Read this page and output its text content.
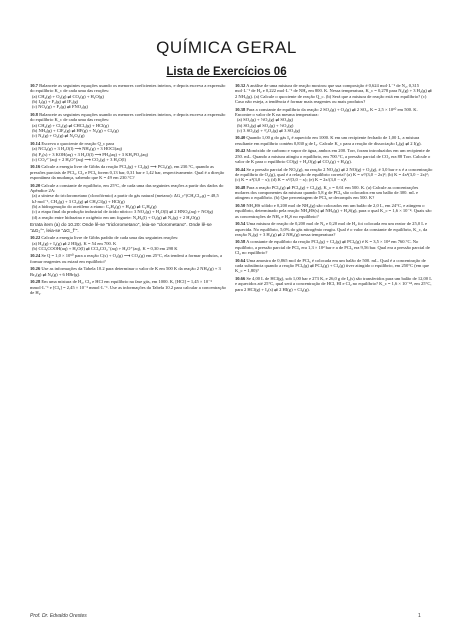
QUÍMICA GERAL
Lista de Exercícios 06

10.7 Balanceie as seguintes equações usando os menores coeficientes inteiros, e depois escreva a expressão do equilíbrio K_c de cada uma das reações:

(a) CH₄(g) + O₂(g) ⇌ CO₂(g) + H₂O(g)

(b) I₂(g) + F₂(g) ⇌ IF₅(g)

(c) NO₂(g) + F₂(g) ⇌ FNO₂(g)

10.8 Balanceie as seguintes equações usando os menores coeficientes inteiros, e depois escreva a expressão do equilíbrio K_c de cada uma das reações:

(a) CH₄(g) + Cl₂(g) ⇌ CHCl₃(g) + HCl(g)

(b) NH₃(g) + ClF₃(g) ⇌ HF(g) + N₂(g) + Cl₂(g)

(c) N₂(g) + O₂(g) ⇌ N₂O₅(g)

10.14 Escreva o quociente de reação Q_c para

(a) NCl₃(g) + 3 H₂O(l) ⟶ NH₃(g) + 3 HOCl(aq)

(b) P₄(s) + 3 KOH(aq) + 3 H₂O(l) ⟶ PH₃(aq) + 3 KH₂PO₂(aq)

(c) CO₃²⁻(aq) + 2 H₃O⁺(aq) ⟶ CO₂(g) + 3 H₂O(l)

10.16 Calcule a energia livre de Gibbs da reação PCl₃(g) + Cl₂(g) ⟶ PCl₅(g), em 230.°C, quando as pressões parciais de PCl₃, Cl₂ e PCl₅ forem 0,13 bar, 0,31 bar e 1,42 bar, respectivamente. Qual é a direção espontânea da mudança, sabendo que K = 49 em 230.°C?

10.20 Calcule a constante de equilíbrio, em 25°C, de cada uma das seguintes reações a partir dos dados do Apêndice 2A:

(a) a síntese do triclorometano (clorofórmio) a partir do gás natural (metano): ΔG_r°(CH₂Cl₂,g) = 48,5 kJ·mol⁻¹, CH₄(g) + 3 Cl₂(g) ⇌ CH₃Cl(g) + HCl(g)

(b) a hidrogenação do acetileno a etano: C₂H₂(g) + H₂(g) ⇌ C₂H₆(g)

(c) a etapa final da produção industrial de ácido nítrico: 3 NO₂(g) + H₂O(l) ⇌ 2 HNO₃(aq) + NO(g)

(d) a reação entre hidrazina e oxigênio em um foguete: N₂H₄(l) + O₂(g) ⇌ N₂(g) + 2 H₂O(g)

Errata item (a) do 10.20: Onde lê-se "triclorometano", leia-se "clorometano". Onde lê-se "ΔG₂°", leia-se "ΔG_f°".

10.22 Calcule a energia livre de Gibbs padrão de cada uma das seguintes reações:

(a) H₂(g) + I₂(g) ⇌ 2 HI(g), K = 54 em 700. K

(b) CCl₃COOH(aq) + H₂O(l) ⇌ CCl₃CO₂⁻(aq) + H₃O⁺(aq), K = 0,30 em 298 K

10.24 Se Q = 1,0 × 10⁵⁰ para a reação C(s) + O₂(g) ⟶ CO₂(g) em 25°C, ela tenderá a formar produtos, a formar reagentes ou estará em equilíbrio?

10.26 Use as informações da Tabela 10.2 para determinar o valor de K em 500 K da reação 2 NH₃(g) + 3 Br₂(g) ⇌ N₂(g) + 6 HBr(g).

10.28 Em uma mistura de H₂, Cl₂ e HCl em equilíbrio na fase gás, em 1000. K, [HCl] = 1,45 × 10⁻³ mmol·L⁻¹ e [Cl₂] = 2,45 × 10⁻³ mmol·L⁻¹. Use as informações da Tabela 10.2 para calcular a concentração de H₂.

10.32 A análise de uma mistura de reação mostrou que sua composição é 0,624 mol·L⁻¹ de N₂, 0,315 mol·L⁻¹ de H₂ e 0,222 mol·L⁻¹ de NH₃ em 800. K. Nessa temperatura, K_c = 0,278 para N₂(g) + 3 H₂(g) ⇌ 2 NH₃(g). (a) Calcule o quociente de reação Q_c. (b) Será que a mistura de reação está em equilíbrio? (c) Caso não esteja, a tendência é formar mais reagentes ou mais produtos?

10.38 Para a constante de equilíbrio da reação 2 SO₂(g) + O₂(g) ⇌ 2 SO₃, K = 2,5 × 10¹⁰ em 500. K. Encontre o valor de K na mesma temperatura:

(a) SO₂(g) + ½O₂(g) ⇌ SO₃(g)

(b) SO₃(g) ⇌ SO₂(g) + ½O₂(g)

(c) 3 SO₂(g) + ³⁄₂O₂(g) ⇌ 3 SO₃(g)

10.40 Quando 1,00 g do gás I₂ é aquecido em 1000. K em um recipiente fechado de 1,00 L, a mistura resultante em equilíbrio contém 0,830 g de I₂. Calcule K_c para a reação de dissociação I₂(g) ⇌ 2 I(g).

10.42 Monóxido de carbono e vapor de água, ambos em 200. Torr, foram introduzidos em um recipiente de 250. mL. Quando a mistura atingiu o equilíbrio, em 700.°C, a pressão parcial de CO₂ era 88 Torr. Calcule o valor de K para o equilíbrio CO(g) + H₂O(g) ⇌ CO₂(g) + H₂(g).

10.44 Se a pressão parcial de NO₂(g), na reação 2 NO₂(g) ⇌ 2 NO(g) + O₂(g), é 3,0 bar e x é a concentração de equilíbrio de O₂(g), qual é a relação de equilíbrio correta? (a) K = x²/(3,0 − 2x)²; (b) K = 4x²(3,0 − 2x)²; (c) K = x²(3,0 − x); (d) K = x³/(3,0 − x); (e) K = 2x/(3,0 − x)².

10.48 Para a reação PCl₅(g) ⇌ PCl₃(g) + Cl₂(g), K_c = 0,61 em 500. K. (a) Calcule as concentrações molares dos componentes da mistura quando 5,8 g de PCl₅ são colocados em um balão de 300. mL e atingem o equilíbrio. (b) Que percentagem de PCl₅ se decompôs em 500. K?

10.50 NH₄HS sólido e 0,200 mol de NH₃(g) são colocados em um balão de 2,0 L, em 24°C, e atingem o equilíbrio, determinado pela reação NH₄HS(s) ⇌ NH₃(g) + H₂S(g), para o qual K_c = 1,6 × 10⁻⁴. Quais são as concentrações de NH₃ e H₂S no equilíbrio?

10.54 Uma mistura de reação de 0,200 mol de N₂ e 0,20 mol de H₂ foi colocada em um reator de 25,0 L e aquecida. No equilíbrio, 5,0% do gás nitrogênio reagiu. Qual é o valor da constante de equilíbrio, K_c, da reação N₂(g) + 3 H₂(g) ⇌ 2 NH₃(g) nessa temperatura?

10.58 A constante de equilíbrio da reação PCl₃(g) + Cl₂(g) ⇌ PCl₅(g) é K = 3,5 × 10⁴ em 760.°C. No equilíbrio, a pressão parcial de PCl₅ era 1,3 × 10² bar e a de PCl₃ era 9,56 bar. Qual era a pressão parcial de Cl₂ no equilíbrio?

10.64 Uma amostra de 0,865 mol de PCl₅ é colocada em um balão de 500. mL. Qual é a concentração de cada substância quando a reação PCl₅(g) ⇌ PCl₃(g) + Cl₂(g) tiver atingido o equilíbrio, em 250°C (em que K_c = 1,80)?

10.66 Se 4,00 L de HCl(g), sob 1,00 bar e 273 K, e 26,0 g de I₂(s) são transferidos para um balão de 12,00 L e aquecidos até 25°C, qual será a concentração de HCl, HI e Cl₂ no equilíbrio? K_c = 1,6 × 10⁻³⁴, em 25°C, para 2 HCl(g) + I₂(s) ⇌ 2 HI(g) + Cl₂(g).

Prof. Dr. Edvaldo Orestes	1
